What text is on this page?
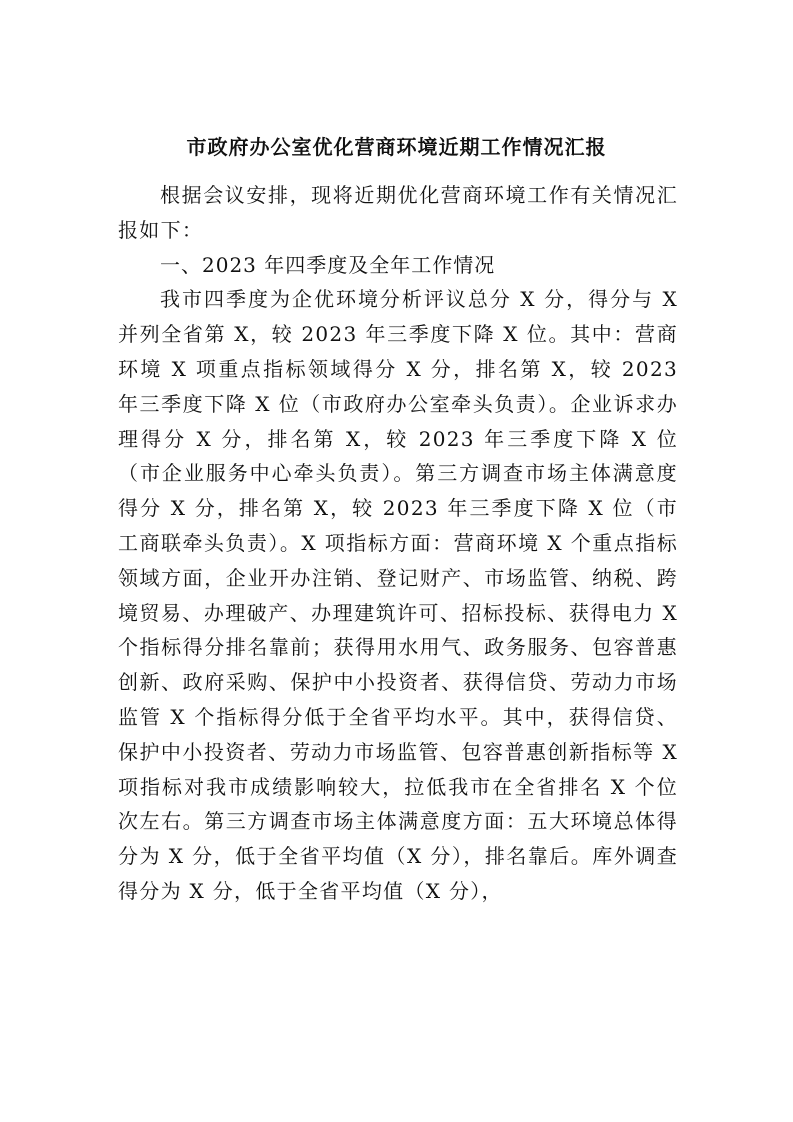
市政府办公室优化营商环境近期工作情况汇报

根据会议安排，现将近期优化营商环境工作有关情况汇报如下：

一、2023 年四季度及全年工作情况

我市四季度为企优环境分析评议总分 X 分，得分与 X 并列全省第 X，较 2023 年三季度下降 X 位。其中：营商环境 X 项重点指标领域得分 X 分，排名第 X，较 2023 年三季度下降 X 位（市政府办公室牵头负责）。企业诉求办理得分 X 分，排名第 X，较 2023 年三季度下降 X 位（市企业服务中心牵头负责）。第三方调查市场主体满意度得分 X 分，排名第 X，较 2023 年三季度下降 X 位（市工商联牵头负责）。X 项指标方面：营商环境 X 个重点指标领域方面，企业开办注销、登记财产、市场监管、纳税、跨境贸易、办理破产、办理建筑许可、招标投标、获得电力 X 个指标得分排名靠前；获得用水用气、政务服务、包容普惠创新、政府采购、保护中小投资者、获得信贷、劳动力市场监管 X 个指标得分低于全省平均水平。其中，获得信贷、保护中小投资者、劳动力市场监管、包容普惠创新指标等 X 项指标对我市成绩影响较大，拉低我市在全省排名 X 个位次左右。第三方调查市场主体满意度方面：五大环境总体得分为 X 分，低于全省平均值（X 分），排名靠后。库外调查得分为 X 分，低于全省平均值（X 分），
